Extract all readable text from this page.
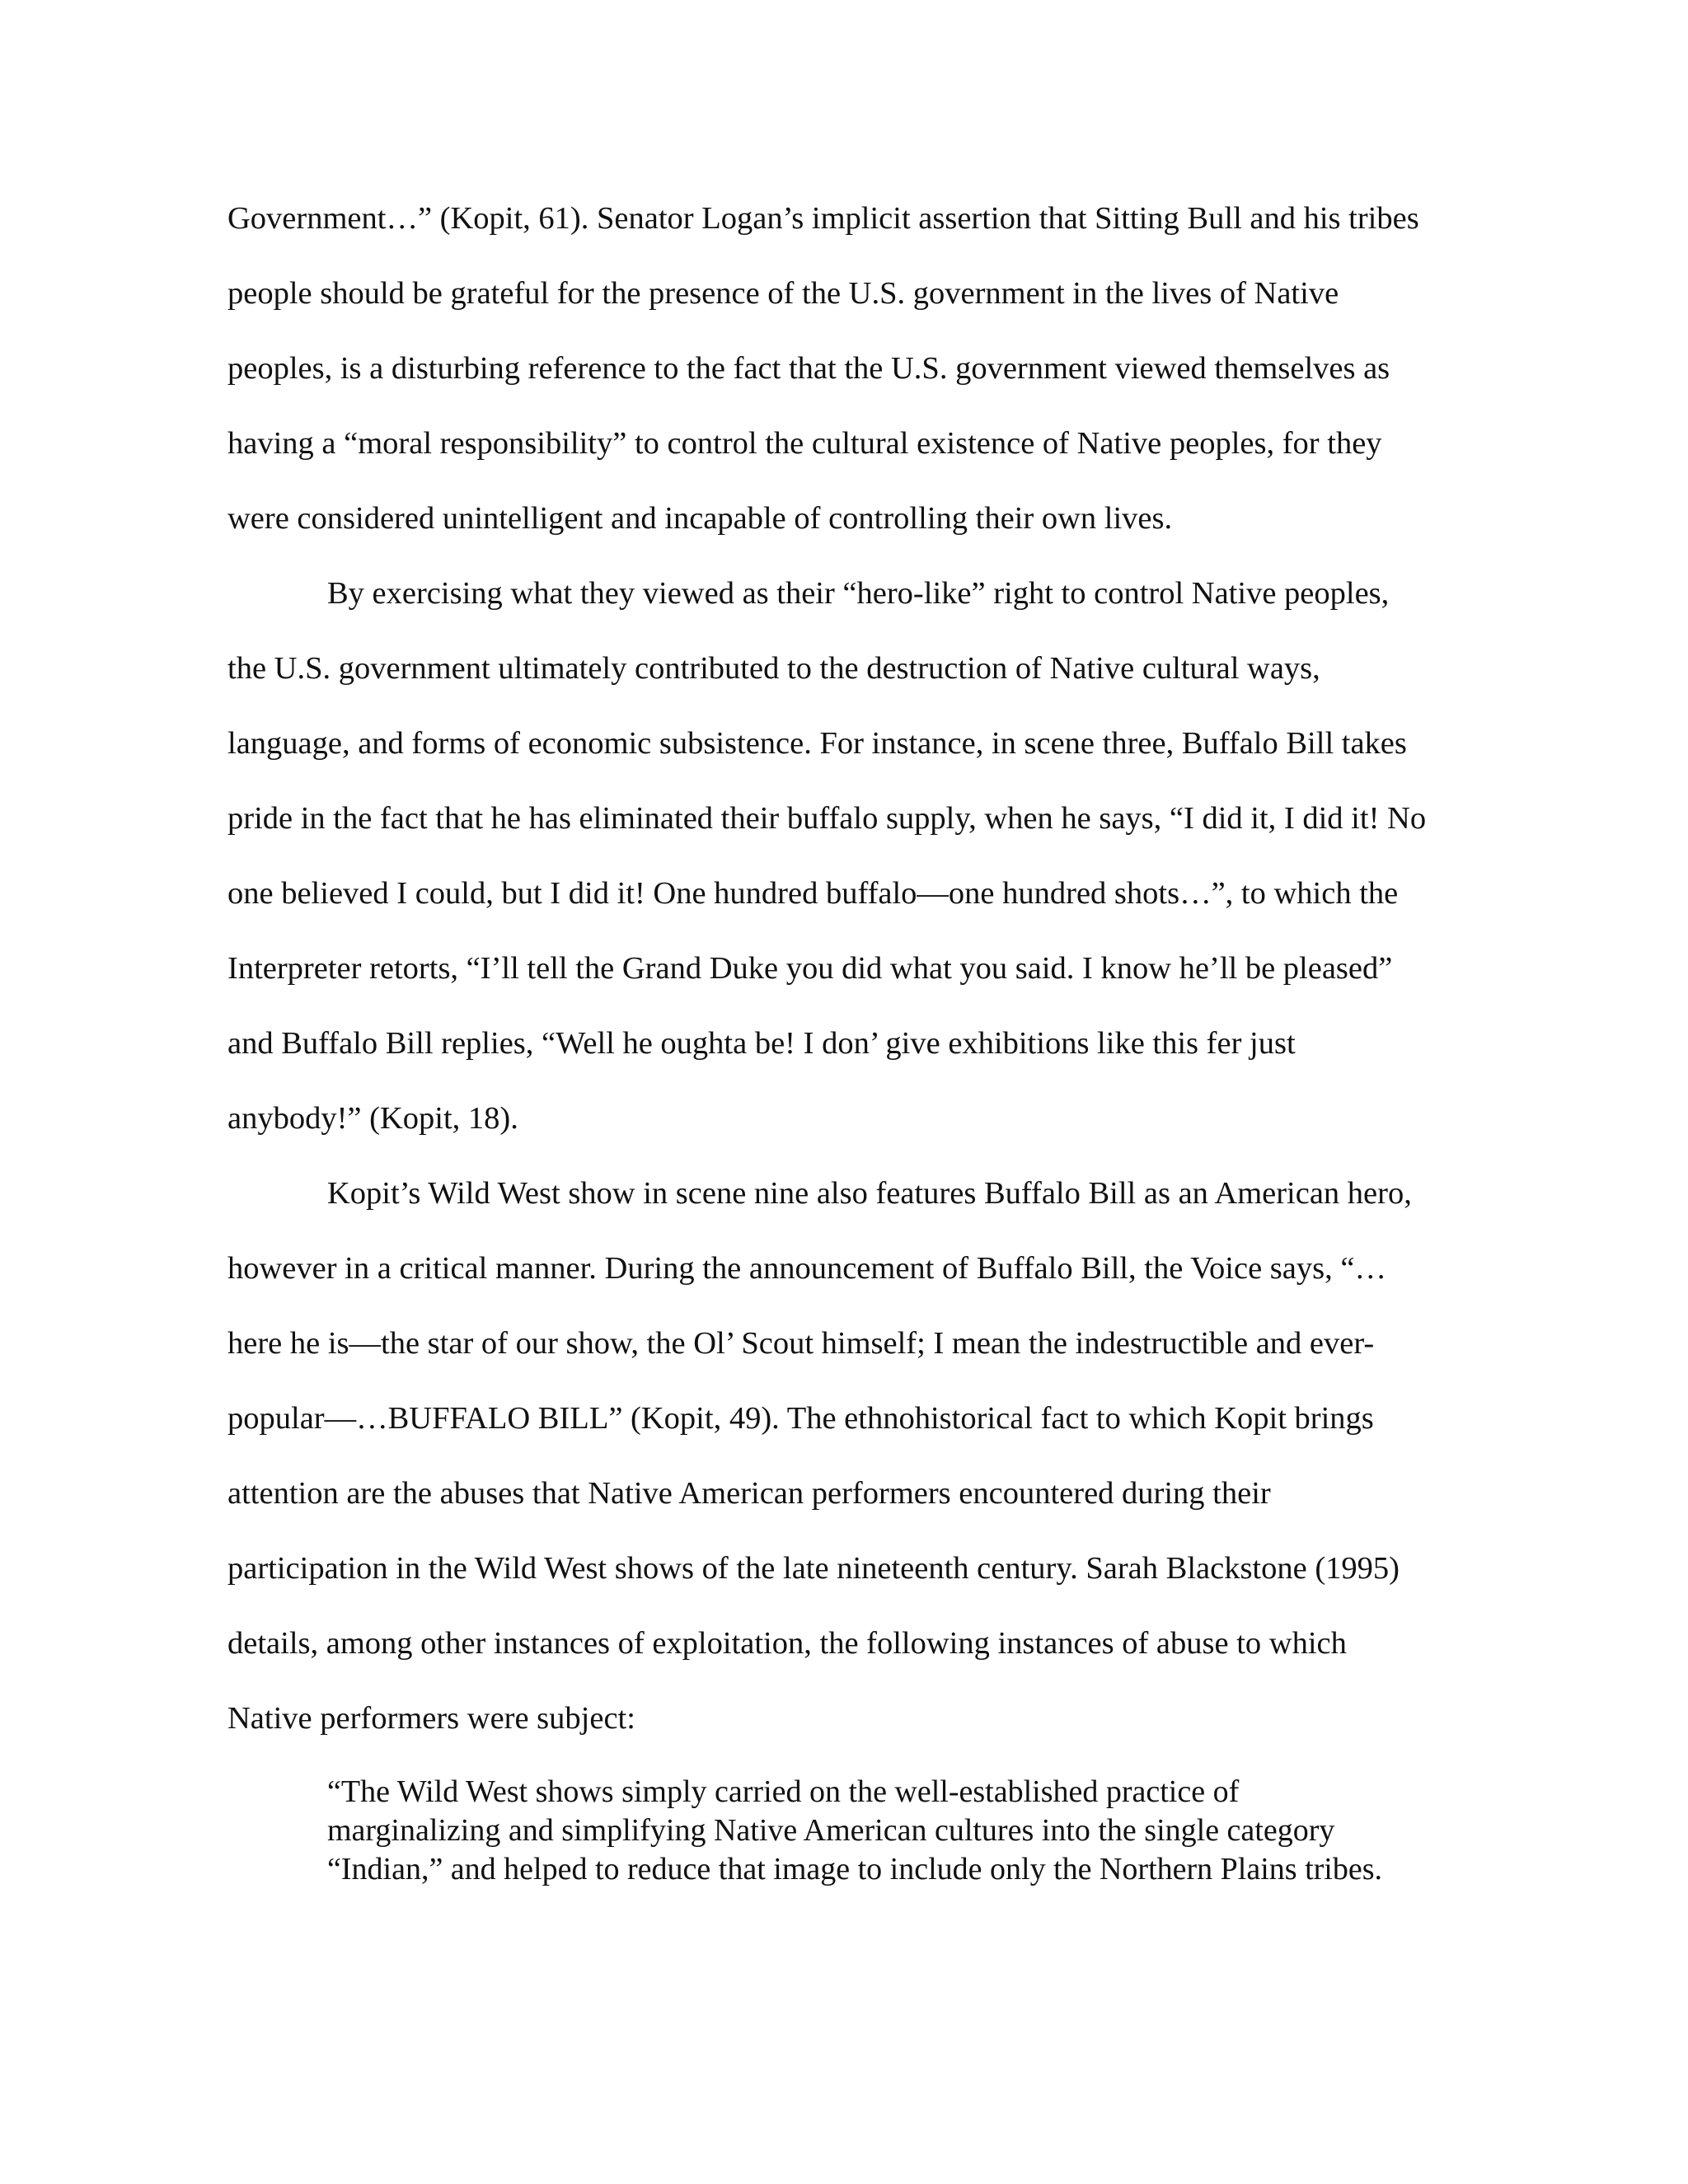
Government…” (Kopit, 61). Senator Logan’s implicit assertion that Sitting Bull and his tribes
people should be grateful for the presence of the U.S. government in the lives of Native
peoples, is a disturbing reference to the fact that the U.S. government viewed themselves as
having a “moral responsibility” to control the cultural existence of Native peoples, for they
were considered unintelligent and incapable of controlling their own lives.
By exercising what they viewed as their “hero-like” right to control Native peoples,
the U.S. government ultimately contributed to the destruction of Native cultural ways,
language, and forms of economic subsistence. For instance, in scene three, Buffalo Bill takes
pride in the fact that he has eliminated their buffalo supply, when he says, “I did it, I did it! No
one believed I could, but I did it! One hundred buffalo—one hundred shots…”, to which the
Interpreter retorts, “I’ll tell the Grand Duke you did what you said. I know he’ll be pleased”
and Buffalo Bill replies, “Well he oughta be! I don’ give exhibitions like this fer just
anybody!” (Kopit, 18).
Kopit’s Wild West show in scene nine also features Buffalo Bill as an American hero,
however in a critical manner. During the announcement of Buffalo Bill, the Voice says, “…
here he is—the star of our show, the Ol’ Scout himself; I mean the indestructible and ever-
popular—…BUFFALO BILL” (Kopit, 49). The ethnohistorical fact to which Kopit brings
attention are the abuses that Native American performers encountered during their
participation in the Wild West shows of the late nineteenth century. Sarah Blackstone (1995)
details, among other instances of exploitation, the following instances of abuse to which
Native performers were subject:
“The Wild West shows simply carried on the well-established practice of
marginalizing and simplifying Native American cultures into the single category
“Indian,” and helped to reduce that image to include only the Northern Plains tribes.
